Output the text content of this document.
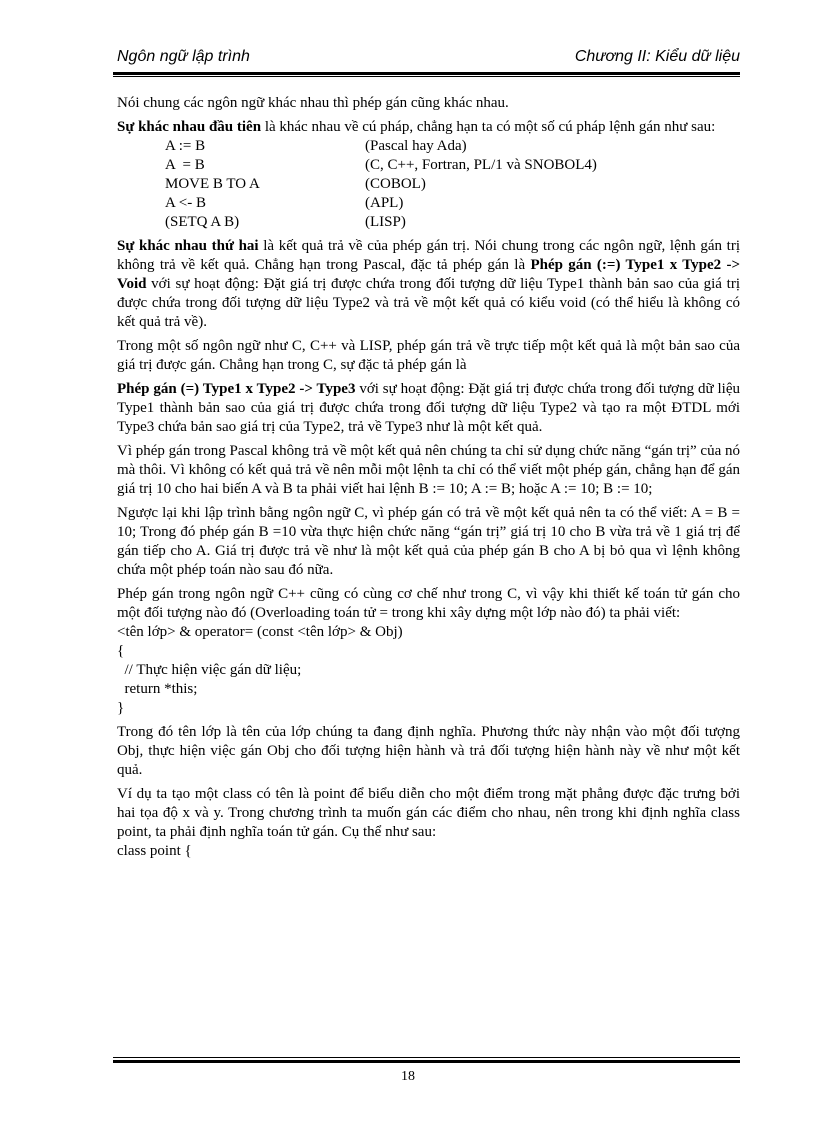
Ngôn ngữ lập trình	Chương II: Kiểu dữ liệu

Nói chung các ngôn ngữ khác nhau thì phép gán cũng khác nhau.

Sự khác nhau đầu tiên là khác nhau về cú pháp, chẳng hạn ta có một số cú pháp lệnh gán như sau:

A := B	(Pascal hay Ada)
A  = B	(C, C++, Fortran, PL/1 và SNOBOL4)
MOVE B TO A	(COBOL)
A <- B	(APL)
(SETQ A B)	(LISP)

Sự khác nhau thứ hai là kết quả trả về của phép gán trị. Nói chung trong các ngôn ngữ, lệnh gán trị không trả về kết quả. Chẳng hạn trong Pascal, đặc tả phép gán là Phép gán (:=) Type1 x Type2 -> Void với sự hoạt động: Đặt giá trị được chứa trong đối tượng dữ liệu Type1 thành bản sao của giá trị được chứa trong đối tượng dữ liệu Type2 và trả về một kết quả có kiểu void (có thể hiểu là không có kết quả trả về).

Trong một số ngôn ngữ như C, C++ và LISP, phép gán trả về trực tiếp một kết quả là một bản sao của giá trị được gán. Chẳng hạn trong C, sự đặc tả phép gán là

Phép gán (=) Type1 x Type2 -> Type3 với sự hoạt động: Đặt giá trị được chứa trong đối tượng dữ liệu Type1 thành bản sao của giá trị được chứa trong đối tượng dữ liệu Type2 và tạo ra một ĐTDL mới Type3 chứa bản sao giá trị của Type2, trả về Type3 như là một kết quả.

Vì phép gán trong Pascal không trả về một kết quả nên chúng ta chỉ sử dụng chức năng “gán trị” của nó mà thôi. Vì không có kết quả trả về nên mỗi một lệnh ta chỉ có thể viết một phép gán, chẳng hạn để gán giá trị 10 cho hai biến A và B ta phải viết hai lệnh B := 10; A := B; hoặc A := 10; B := 10;

Ngược lại khi lập trình bằng ngôn ngữ C, vì phép gán có trả về một kết quả nên ta có thể viết: A = B = 10; Trong đó phép gán B =10 vừa thực hiện chức năng “gán trị” giá trị 10 cho B vừa trả về 1 giá trị để gán tiếp cho A. Giá trị được trả về như là một kết quả của phép gán B cho A bị bỏ qua vì lệnh không chứa một phép toán nào sau đó nữa.

Phép gán trong ngôn ngữ C++ cũng có cùng cơ chế như trong C, vì vậy khi thiết kế toán tử gán cho một đối tượng nào đó (Overloading toán tử = trong khi xây dựng một lớp nào đó) ta phải viết:

<tên lớp> & operator= (const <tên lớp> & Obj)
{
// Thực hiện việc gán dữ liệu;
return *this;
}

Trong đó tên lớp là tên của lớp chúng ta đang định nghĩa. Phương thức này nhận vào một đối tượng Obj, thực hiện việc gán Obj cho đối tượng hiện hành và trả đối tượng hiện hành này về như một kết quả.

Ví dụ ta tạo một class có tên là point để biểu diễn cho một điểm trong mặt phẳng được đặc trưng bởi hai tọa độ x và y. Trong chương trình ta muốn gán các điểm cho nhau, nên trong khi định nghĩa class point, ta phải định nghĩa toán tử gán. Cụ thể như sau:

class point {

18
